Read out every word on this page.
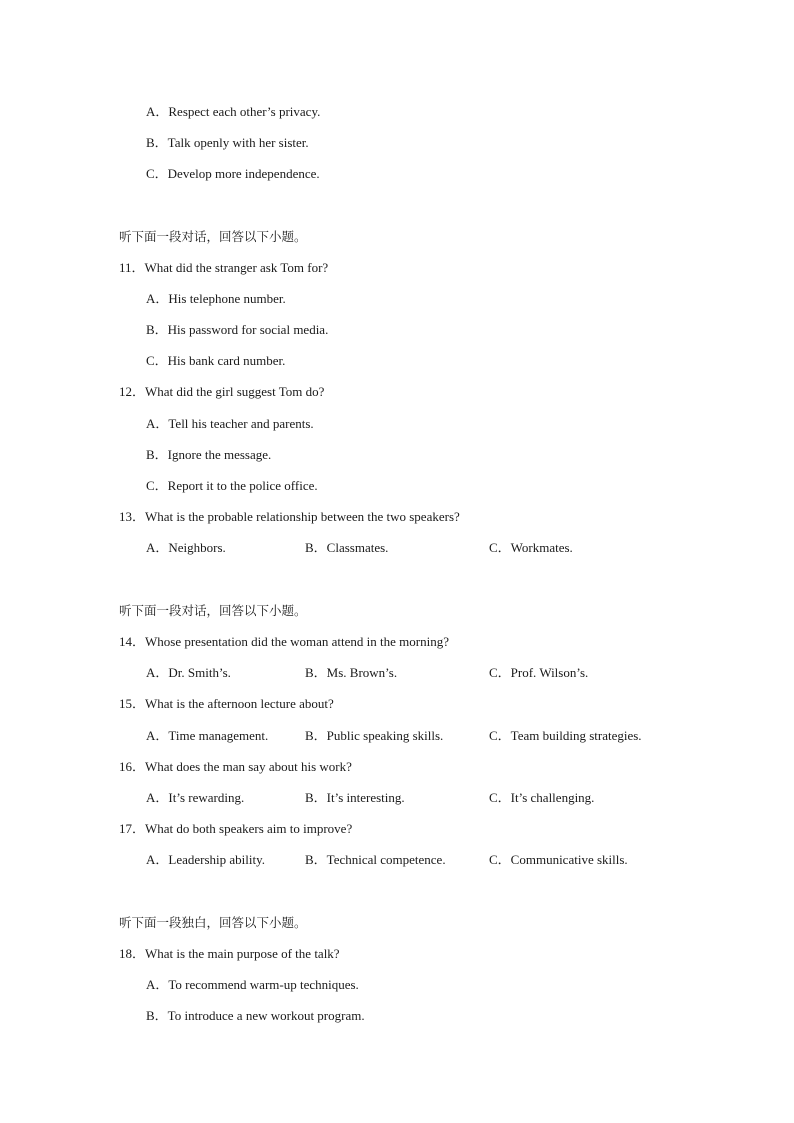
A．Respect each other’s privacy.
B．Talk openly with her sister.
C．Develop more independence.
听下面一段对话，回答以下小题。
11．What did the stranger ask Tom for?
A．His telephone number.
B．His password for social media.
C．His bank card number.
12．What did the girl suggest Tom do?
A．Tell his teacher and parents.
B．Ignore the message.
C．Report it to the police office.
13．What is the probable relationship between the two speakers?
A．Neighbors.	B．Classmates.	C．Workmates.
听下面一段对话，回答以下小题。
14．Whose presentation did the woman attend in the morning?
A．Dr. Smith’s.	B．Ms. Brown’s.	C．Prof. Wilson’s.
15．What is the afternoon lecture about?
A．Time management.	B．Public speaking skills.	C．Team building strategies.
16．What does the man say about his work?
A．It’s rewarding.	B．It’s interesting.	C．It’s challenging.
17．What do both speakers aim to improve?
A．Leadership ability.	B．Technical competence.	C．Communicative skills.
听下面一段独白，回答以下小题。
18．What is the main purpose of the talk?
A．To recommend warm-up techniques.
B．To introduce a new workout program.
